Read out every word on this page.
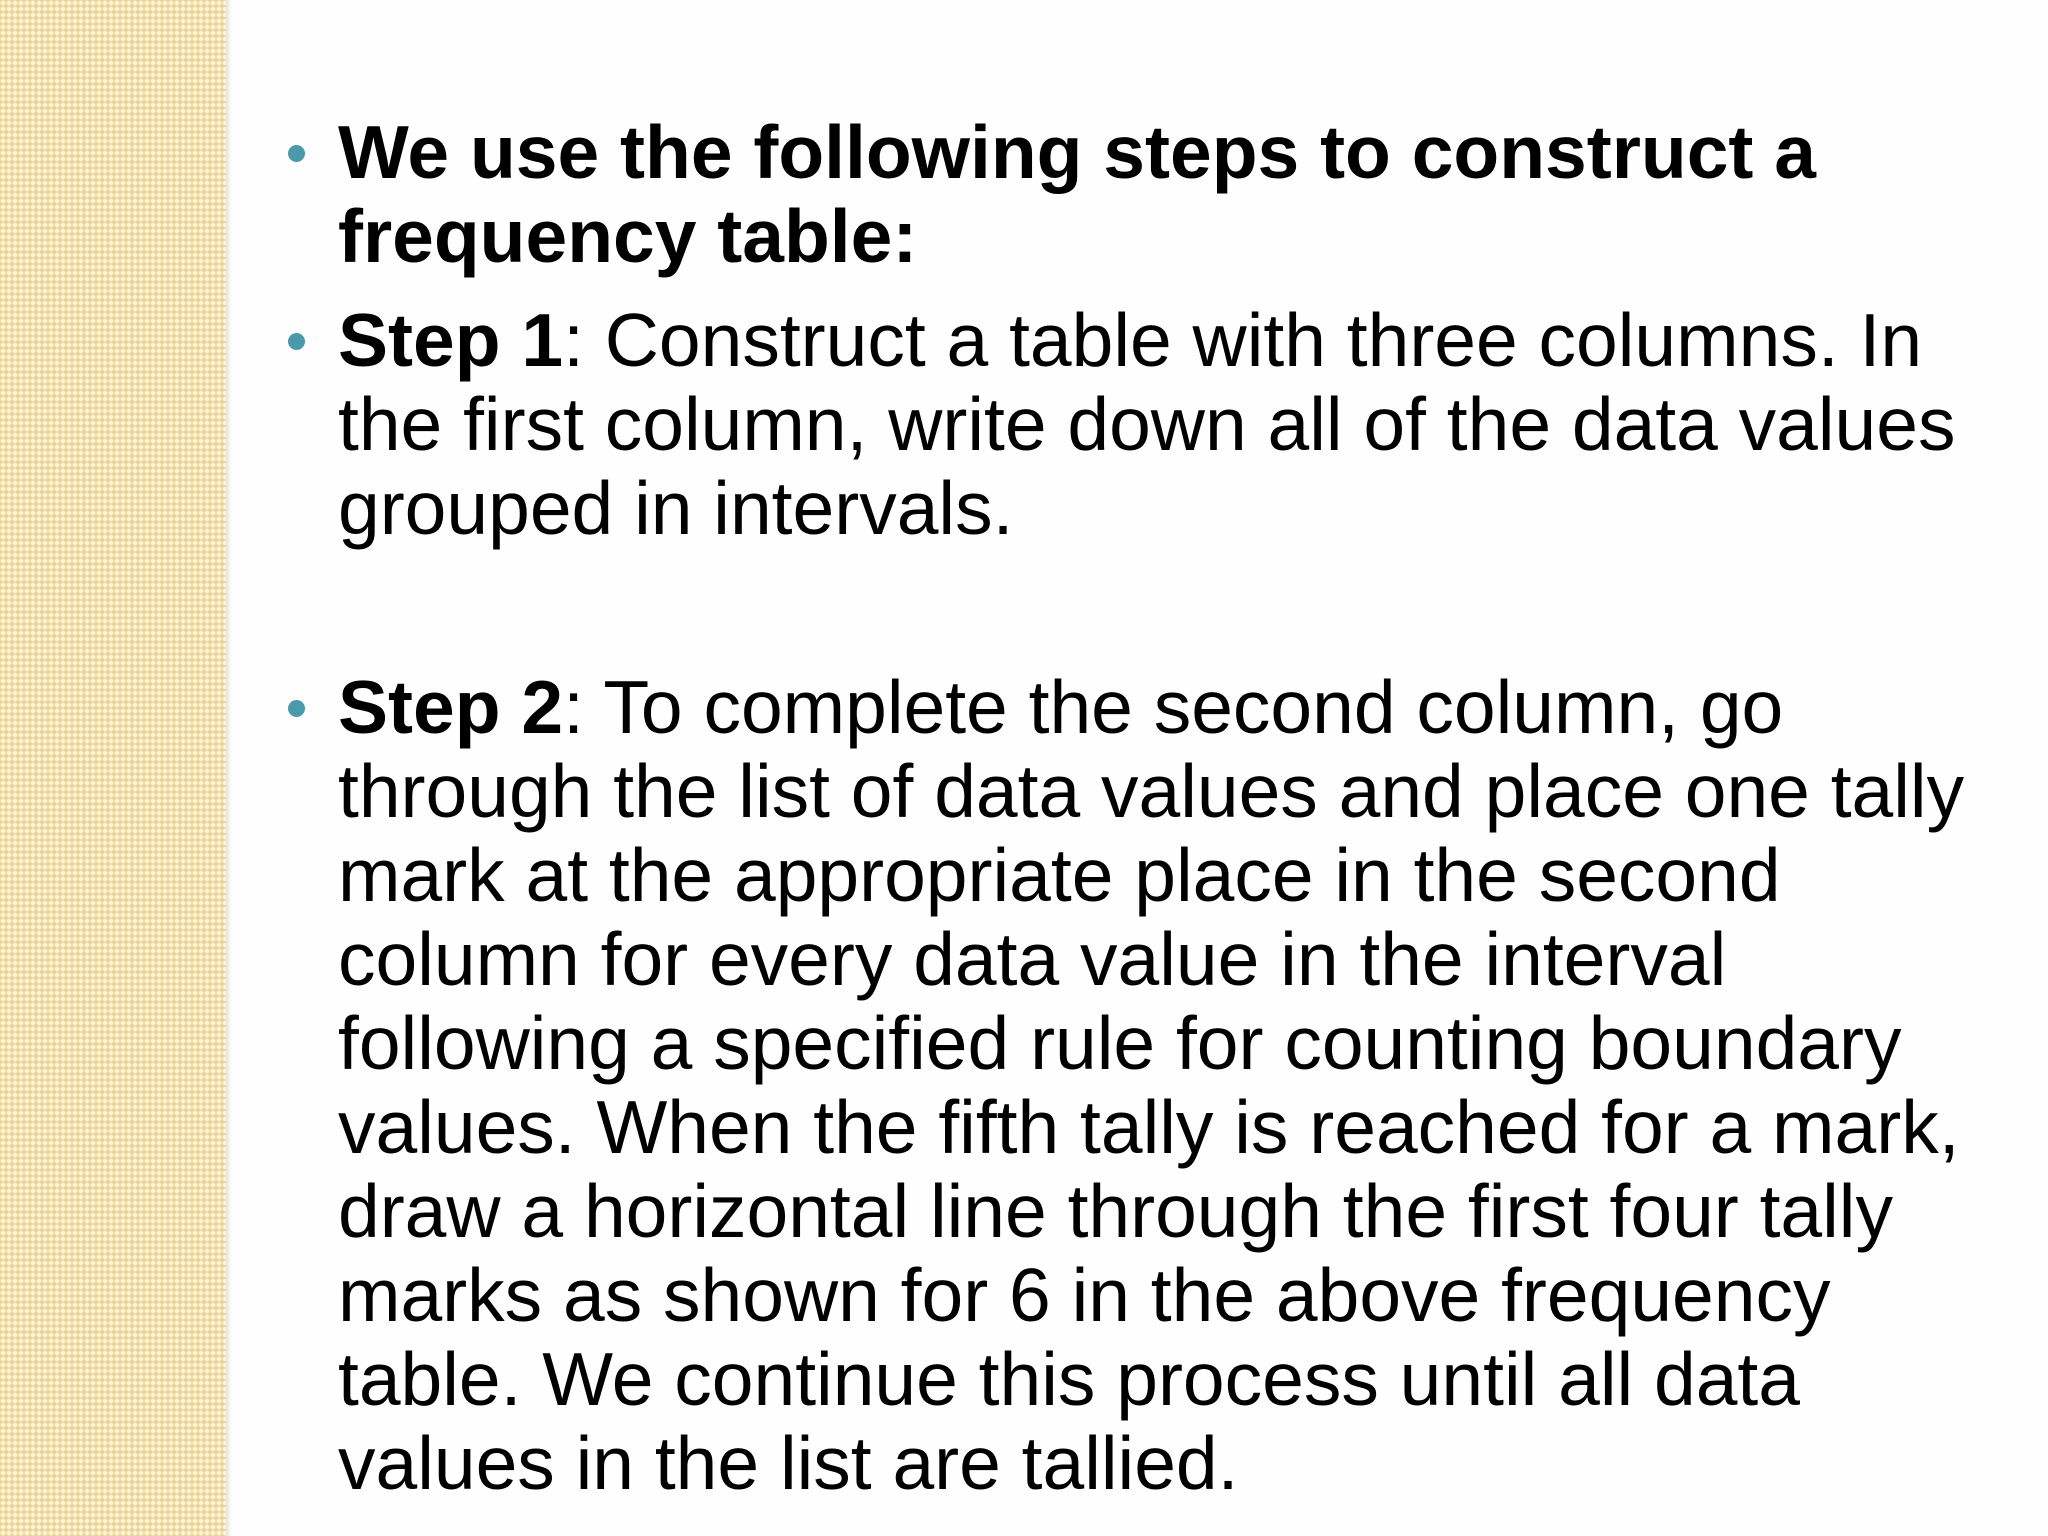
We use the following steps to construct a frequency table:
Step 1: Construct a table with three columns. In the first column, write down all of the data values grouped in intervals.
Step 2: To complete the second column, go through the list of data values and place one tally mark at the appropriate place in the second column for every data value in the interval following a specified rule for counting boundary values. When the fifth tally is reached for a mark, draw a horizontal line through the first four tally marks as shown for 6 in the above frequency table. We continue this process until all data values in the list are tallied.
